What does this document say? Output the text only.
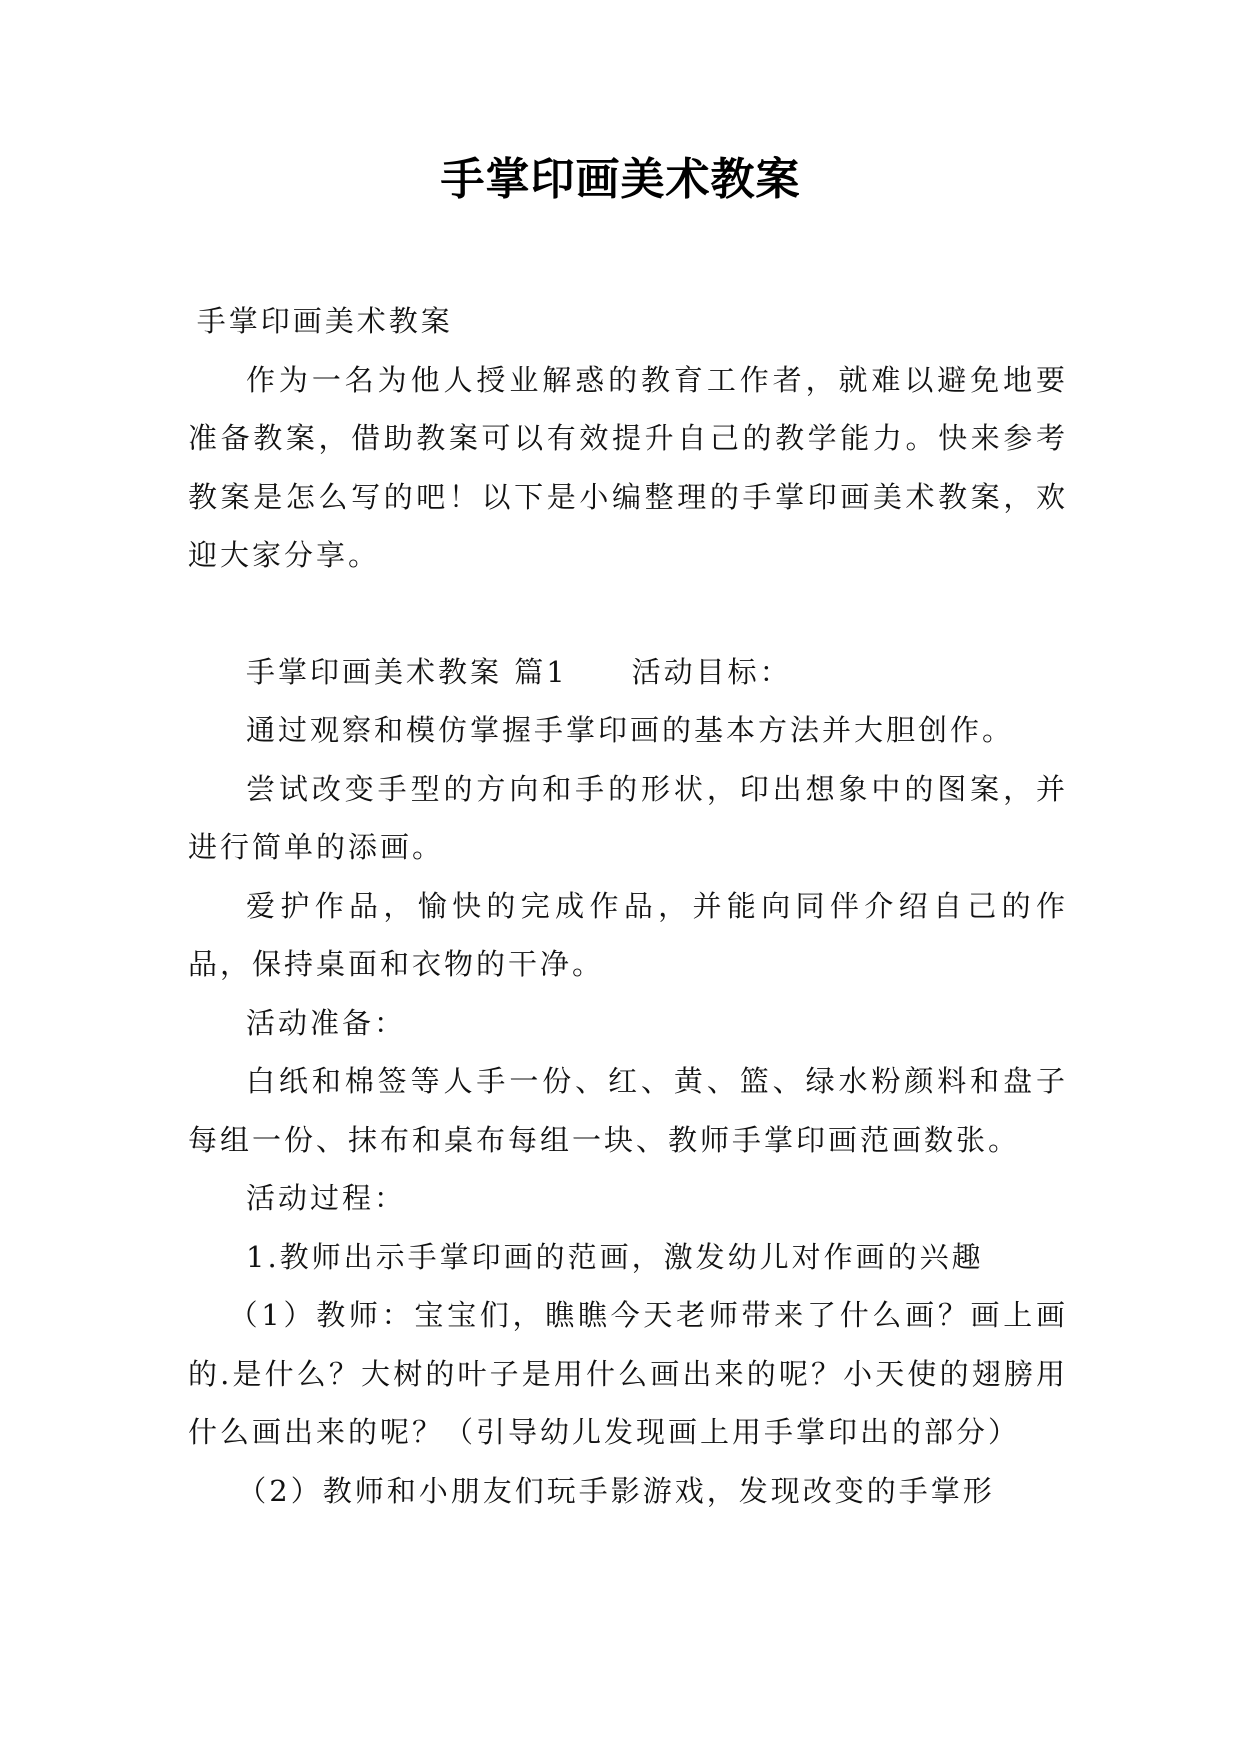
手掌印画美术教案

手掌印画美术教案

作为一名为他人授业解惑的教育工作者，就难以避免地要准备教案，借助教案可以有效提升自己的教学能力。快来参考教案是怎么写的吧！以下是小编整理的手掌印画美术教案，欢迎大家分享。

手掌印画美术教案 篇1　　活动目标：

通过观察和模仿掌握手掌印画的基本方法并大胆创作。

尝试改变手型的方向和手的形状，印出想象中的图案，并进行简单的添画。

爱护作品，愉快的完成作品，并能向同伴介绍自己的作品，保持桌面和衣物的干净。

活动准备：

白纸和棉签等人手一份、红、黄、篮、绿水粉颜料和盘子每组一份、抹布和桌布每组一块、教师手掌印画范画数张。

活动过程：

1.教师出示手掌印画的范画，激发幼儿对作画的兴趣

（1）教师：宝宝们，瞧瞧今天老师带来了什么画？画上画的.是什么？大树的叶子是用什么画出来的呢？小天使的翅膀用什么画出来的呢？（引导幼儿发现画上用手掌印出的部分）

（2）教师和小朋友们玩手影游戏，发现改变的手掌形
